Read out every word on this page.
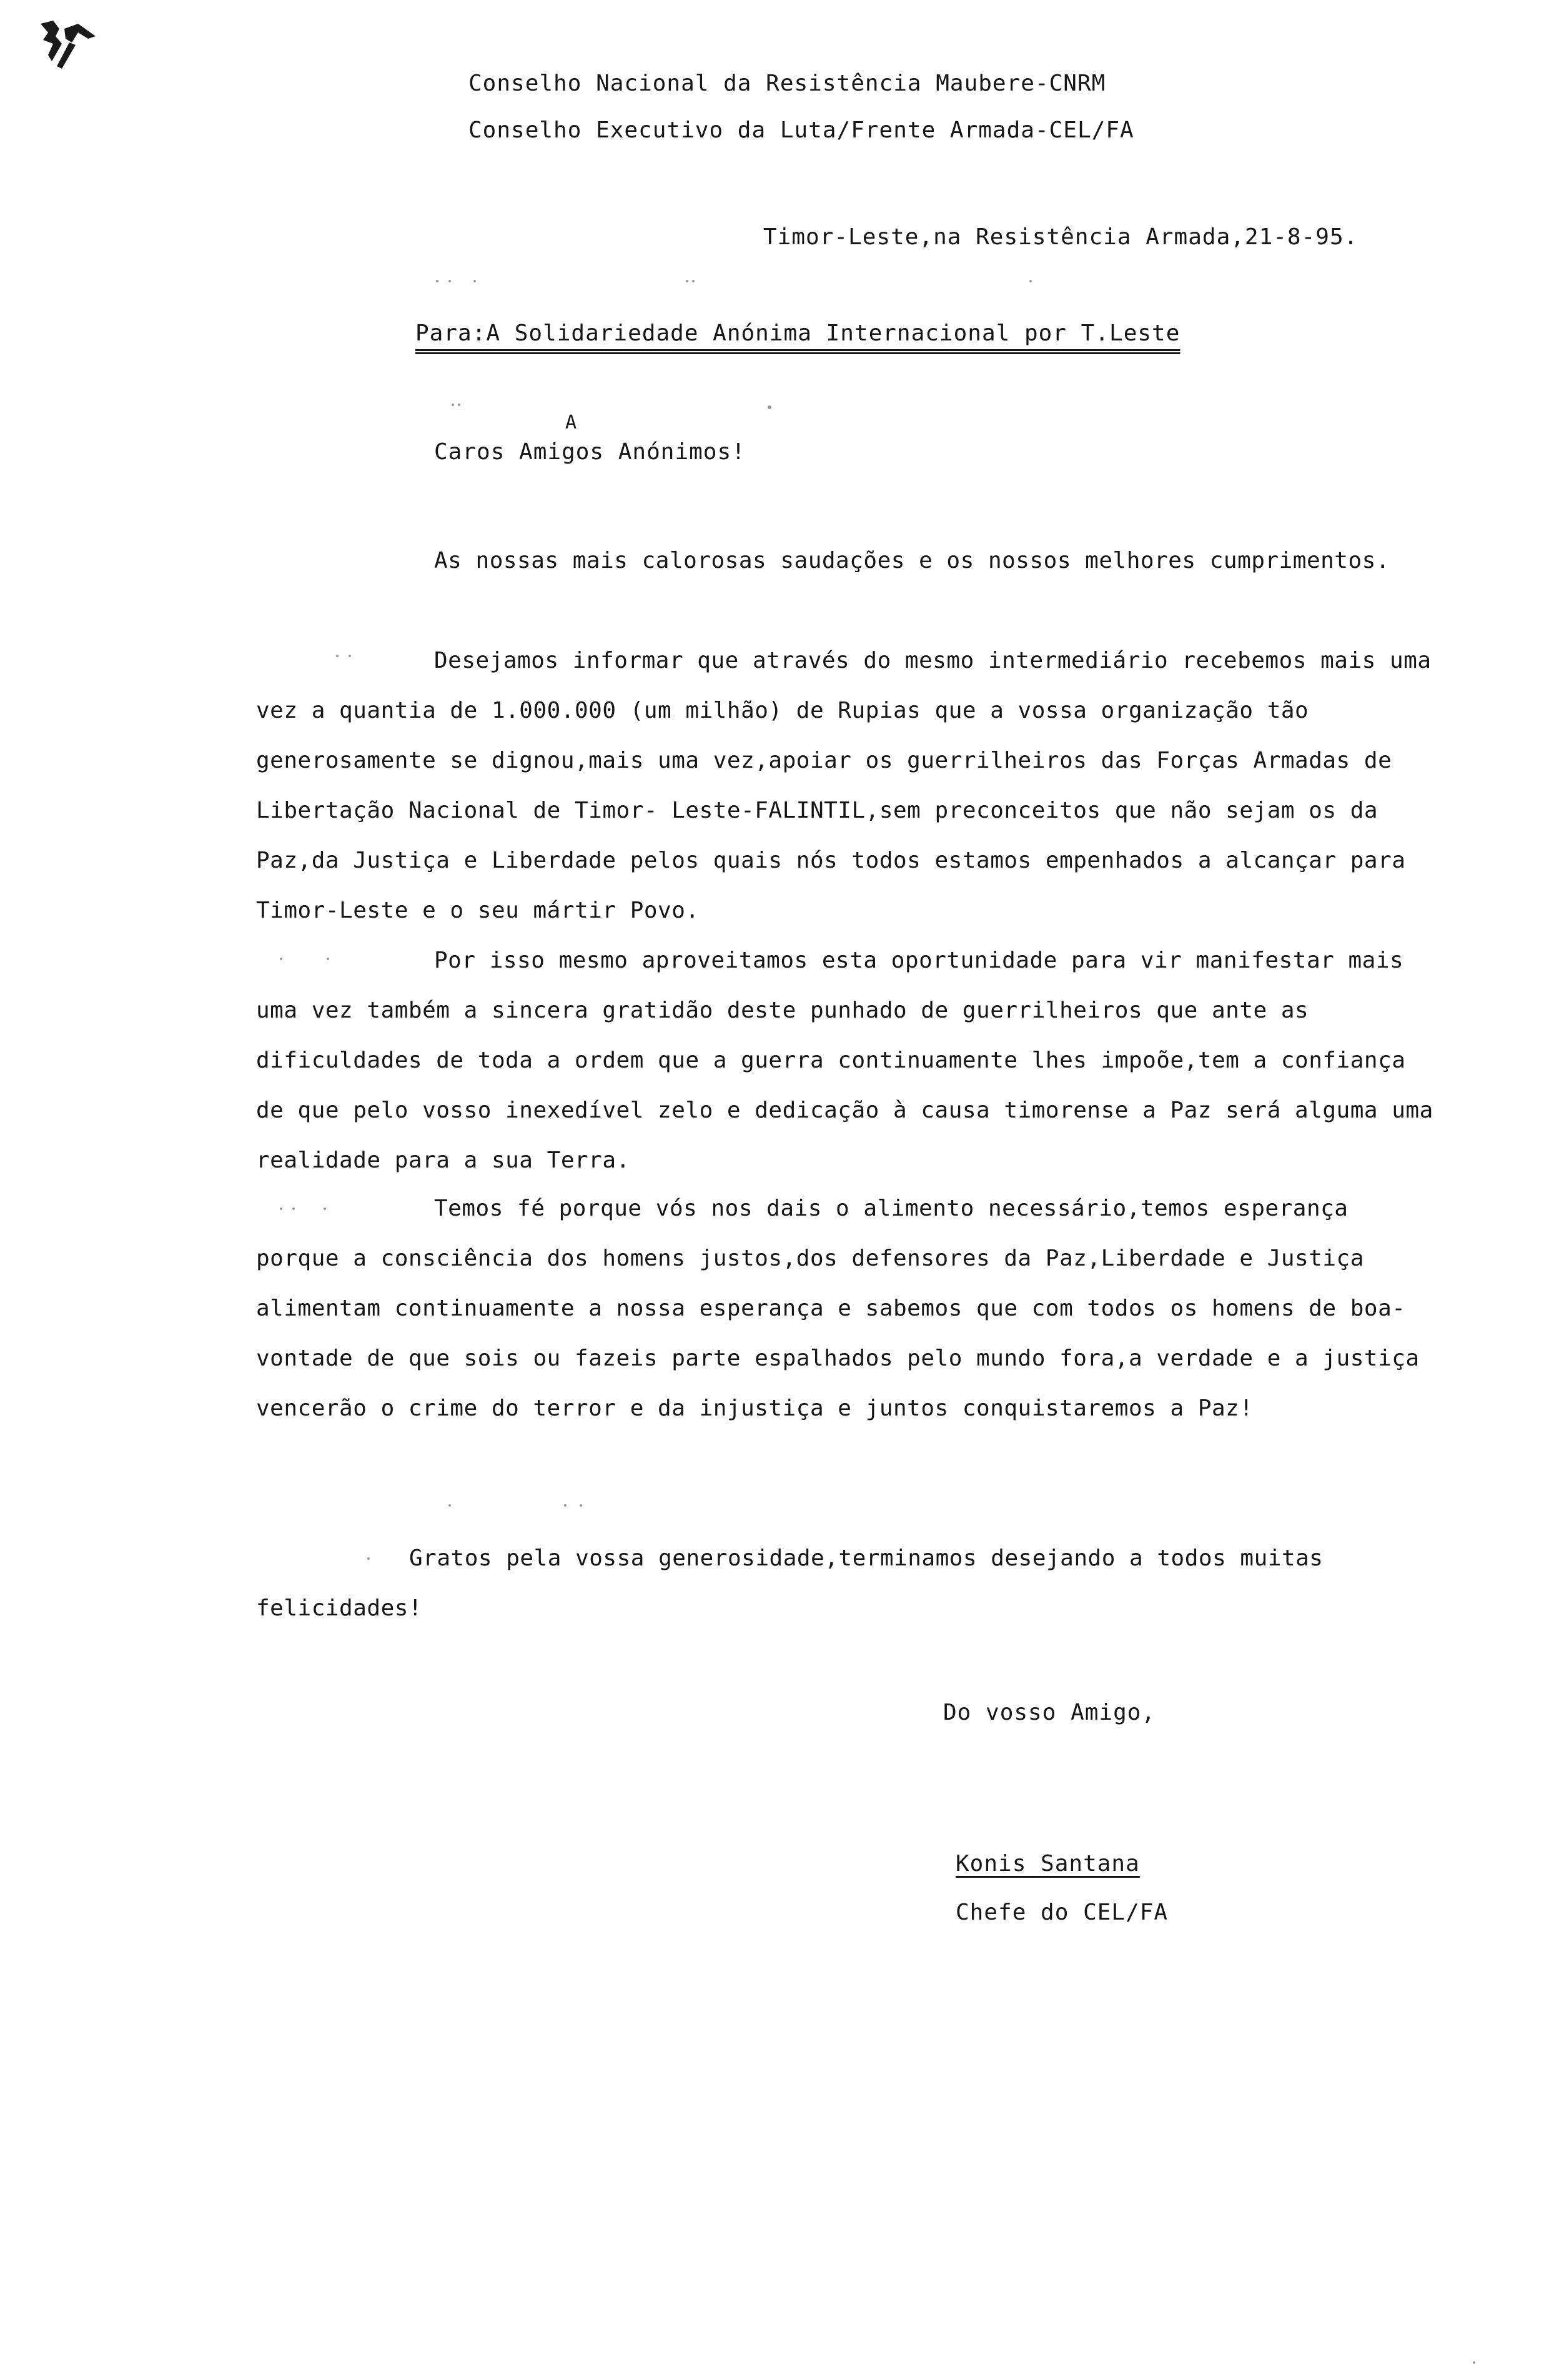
Conselho Nacional da Resistência Maubere-CNRM
Conselho Executivo da Luta/Frente Armada-CEL/FA
Timor-Leste,na Resistência Armada,21-8-95.
Para:A Solidariedade Anónima Internacional por T.Leste
A
Caros Amigos Anónimos!
As nossas mais calorosas saudações e os nossos melhores cumprimentos.
Desejamos informar que através do mesmo intermediário recebemos mais uma vez a quantia de 1.000.000 (um milhão) de Rupias que a vossa organização tão generosamente se dignou,mais uma vez,apoiar os guerrilheiros das Forças Armadas de Libertação Nacional de Timor- Leste-FALINTIL,sem preconceitos que não sejam os da Paz,da Justiça e Liberdade pelos quais nós todos estamos empenhados a alcançar para Timor-Leste e o seu mártir Povo.
Por isso mesmo aproveitamos esta oportunidade para vir manifestar mais uma vez também a sincera gratidão deste punhado de guerrilheiros que ante as dificuldades de toda a ordem que a guerra continuamente lhes impoõe,tem a confiança de que pelo vosso inexedível zelo e dedicação à causa timorense a Paz será alguma uma realidade para a sua Terra.
Temos fé porque vós nos dais o alimento necessário,temos esperança porque a consciência dos homens justos,dos defensores da Paz,Liberdade e Justiça alimentam continuamente a nossa esperança e sabemos que com todos os homens de boa-vontade de que sois ou fazeis parte espalhados pelo mundo fora,a verdade e a justiça vencerão o crime do terror e da injustiça e juntos conquistaremos a Paz!
Gratos pela vossa generosidade,terminamos desejando a todos muitas felicidades!
Do vosso Amigo,
Konis Santana
Chefe do CEL/FA
